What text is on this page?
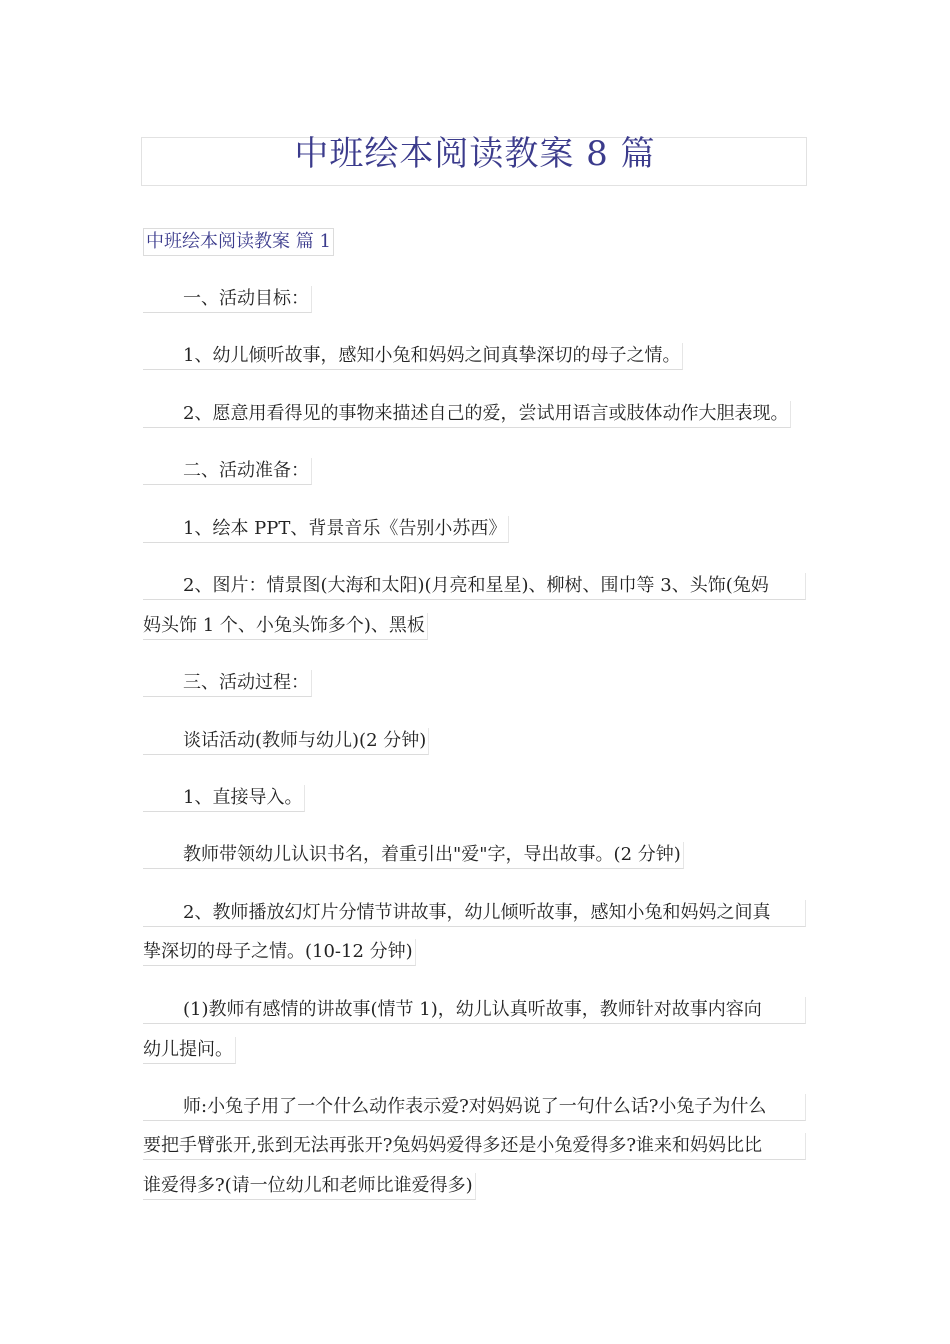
中班绘本阅读教案 8 篇
中班绘本阅读教案 篇 1
一、活动目标：
1、幼儿倾听故事，感知小兔和妈妈之间真挚深切的母子之情。
2、愿意用看得见的事物来描述自己的爱，尝试用语言或肢体动作大胆表现。
二、活动准备：
1、绘本 PPT、背景音乐《告别小苏西》
2、图片：情景图(大海和太阳)(月亮和星星)、柳树、围巾等 3、头饰(兔妈
妈头饰 1 个、小兔头饰多个)、黑板
三、活动过程：
谈话活动(教师与幼儿)(2 分钟)
1、直接导入。
教师带领幼儿认识书名，着重引出"爱"字，导出故事。(2 分钟)
2、教师播放幻灯片分情节讲故事，幼儿倾听故事，感知小兔和妈妈之间真
挚深切的母子之情。(10-12 分钟)
(1)教师有感情的讲故事(情节 1)，幼儿认真听故事，教师针对故事内容向
幼儿提问。
师:小兔子用了一个什么动作表示爱?对妈妈说了一句什么话?小兔子为什么
要把手臂张开,张到无法再张开?兔妈妈爱得多还是小兔爱得多?谁来和妈妈比比
谁爱得多?(请一位幼儿和老师比谁爱得多)
